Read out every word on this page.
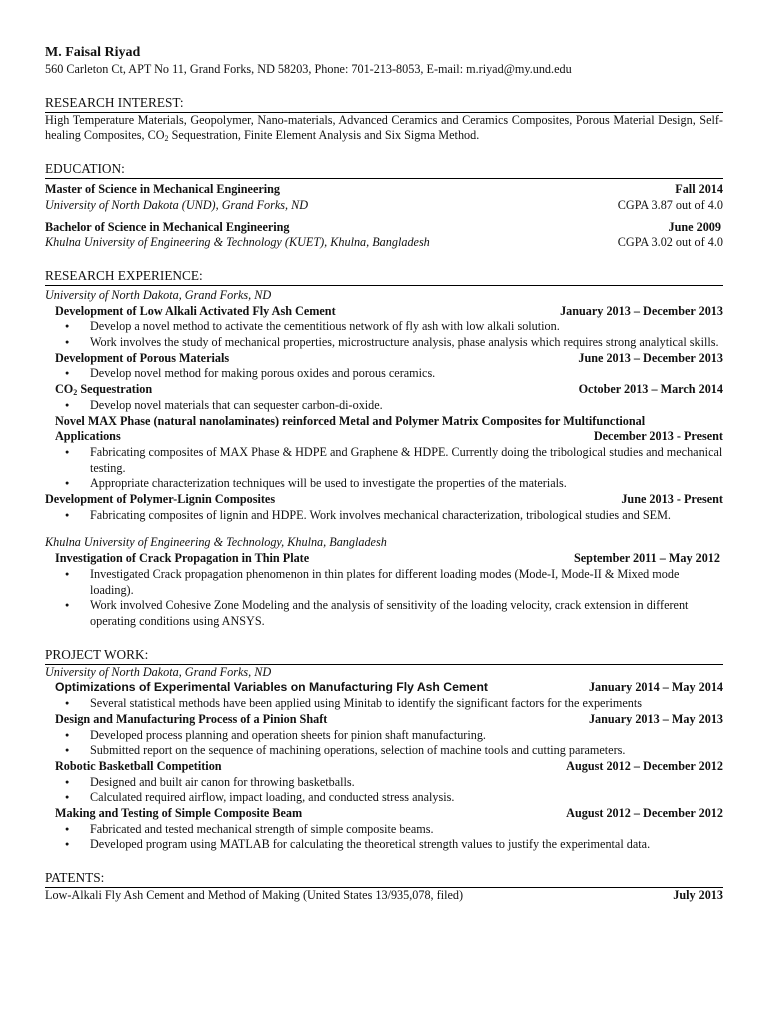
M. Faisal Riyad
560 Carleton Ct, APT No 11, Grand Forks, ND 58203, Phone: 701-213-8053, E-mail: m.riyad@my.und.edu
RESEARCH INTEREST:
High Temperature Materials, Geopolymer, Nano-materials, Advanced Ceramics and Ceramics Composites, Porous Material Design, Self-healing Composites, $CO_2$ Sequestration, Finite Element Analysis and Six Sigma Method.
EDUCATION:
Master of Science in Mechanical Engineering	Fall 2014
University of North Dakota (UND), Grand Forks, ND	CGPA 3.87 out of 4.0
Bachelor of Science in Mechanical Engineering	June 2009
Khulna University of Engineering & Technology (KUET), Khulna, Bangladesh	CGPA 3.02 out of 4.0
RESEARCH EXPERIENCE:
University of North Dakota, Grand Forks, ND
Development of Low Alkali Activated Fly Ash Cement	January 2013 – December 2013
● Develop a novel method to activate the cementitious network of fly ash with low alkali solution.
● Work involves the study of mechanical properties, microstructure analysis, phase analysis which requires strong analytical skills.
Development of Porous Materials	June 2013 – December 2013
● Develop novel method for making porous oxides and porous ceramics.
$CO_2$ Sequestration	October 2013 – March 2014
● Develop novel materials that can sequester carbon-di-oxide.
Novel MAX Phase (natural nanolaminates) reinforced Metal and Polymer Matrix Composites for Multifunctional
Applications	December 2013 - Present
● Fabricating composites of MAX Phase & HDPE and Graphene & HDPE. Currently doing the tribological studies and mechanical testing.
● Appropriate characterization techniques will be used to investigate the properties of the materials.
Development of Polymer-Lignin Composites	June 2013 - Present
● Fabricating composites of lignin and HDPE. Work involves mechanical characterization, tribological studies and SEM.
Khulna University of Engineering & Technology, Khulna, Bangladesh
Investigation of Crack Propagation in Thin Plate	September 2011 – May 2012
● Investigated Crack propagation phenomenon in thin plates for different loading modes (Mode-I, Mode-II & Mixed mode loading).
● Work involved Cohesive Zone Modeling and the analysis of sensitivity of the loading velocity, crack extension in different operating conditions using ANSYS.
PROJECT WORK:
University of North Dakota, Grand Forks, ND
Optimizations of Experimental Variables on Manufacturing Fly Ash Cement	January 2014 – May 2014
● Several statistical methods have been applied using Minitab to identify the significant factors for the experiments
Design and Manufacturing Process of a Pinion Shaft	January 2013 – May 2013
● Developed process planning and operation sheets for pinion shaft manufacturing.
● Submitted report on the sequence of machining operations, selection of machine tools and cutting parameters.
Robotic Basketball Competition	August 2012 – December 2012
● Designed and built air canon for throwing basketballs.
● Calculated required airflow, impact loading, and conducted stress analysis.
Making and Testing of Simple Composite Beam	August 2012 – December 2012
● Fabricated and tested mechanical strength of simple composite beams.
● Developed program using MATLAB for calculating the theoretical strength values to justify the experimental data.
PATENTS:
Low-Alkali Fly Ash Cement and Method of Making (United States 13/935,078, filed)	July 2013
